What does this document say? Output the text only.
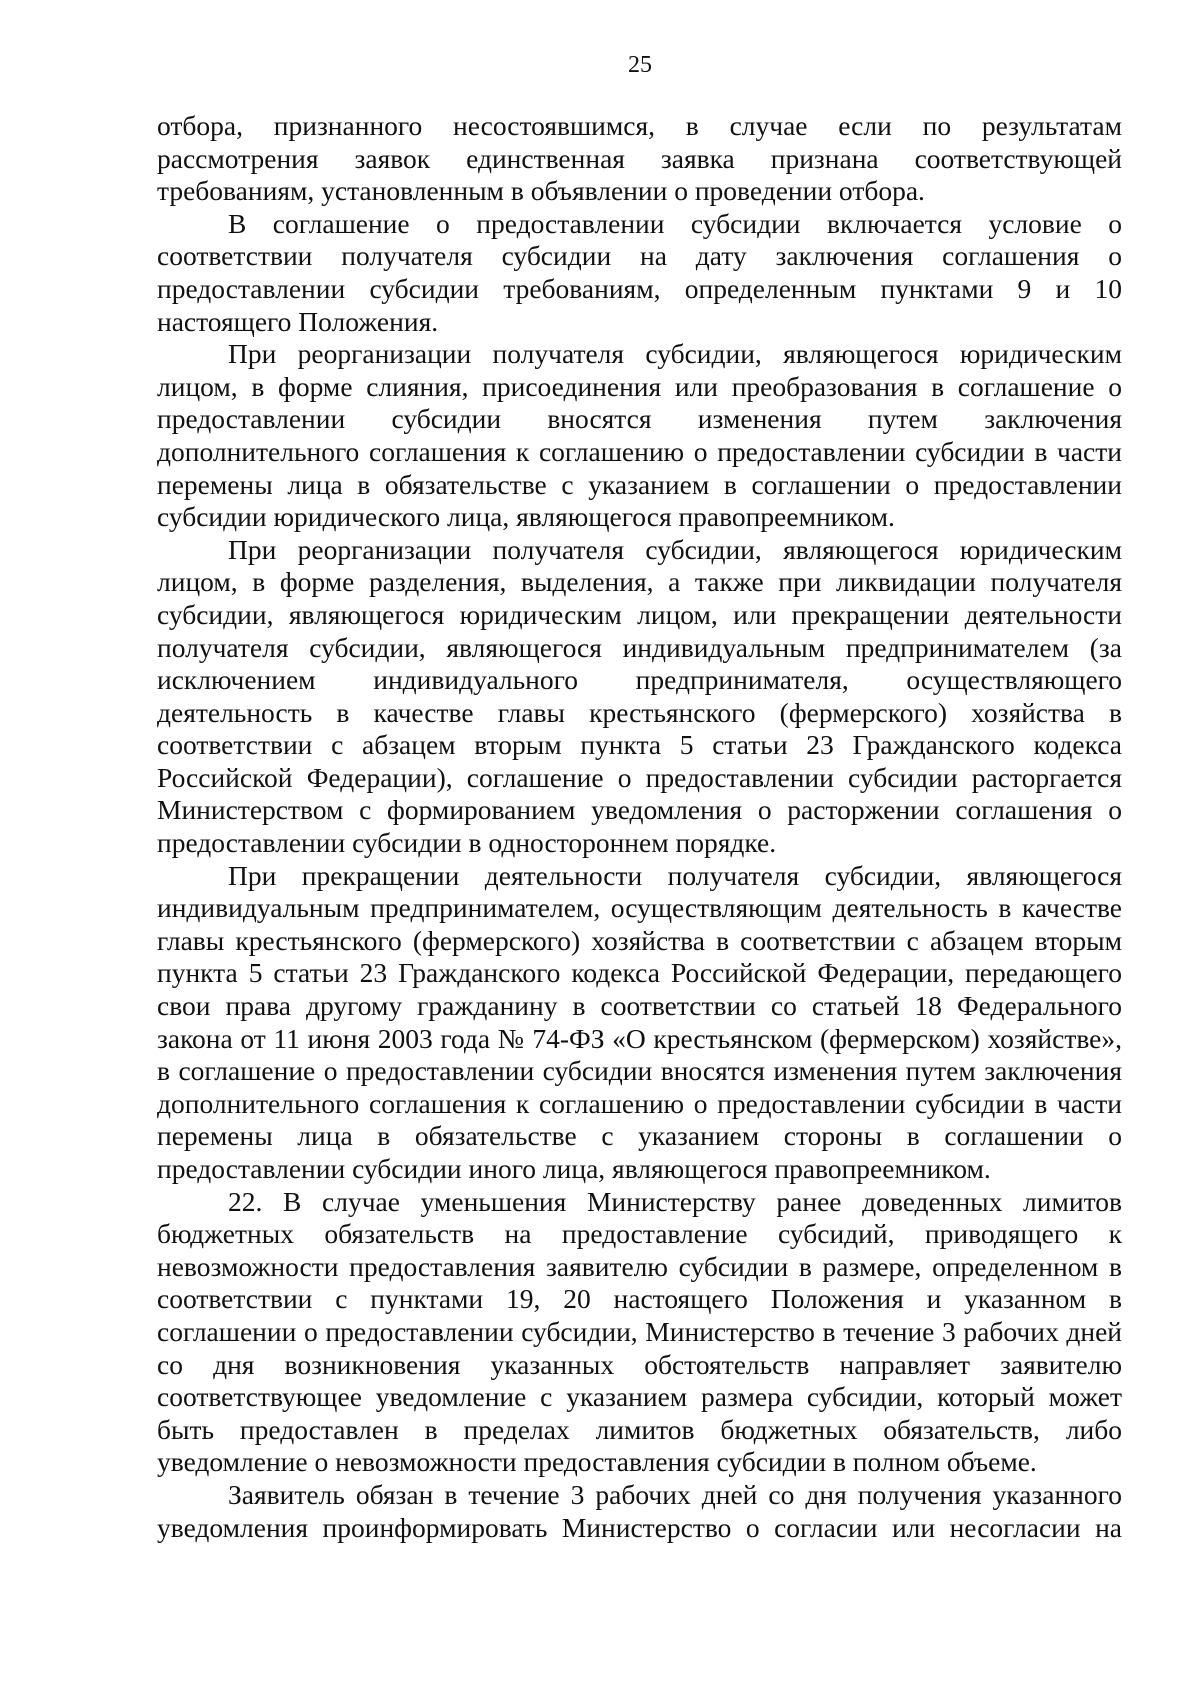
25

отбора, признанного несостоявшимся, в случае если по результатам рассмотрения заявок единственная заявка признана соответствующей требованиям, установленным в объявлении о проведении отбора.

В соглашение о предоставлении субсидии включается условие о соответствии получателя субсидии на дату заключения соглашения о предоставлении субсидии требованиям, определенным пунктами 9 и 10 настоящего Положения.

При реорганизации получателя субсидии, являющегося юридическим лицом, в форме слияния, присоединения или преобразования в соглашение о предоставлении субсидии вносятся изменения путем заключения дополнительного соглашения к соглашению о предоставлении субсидии в части перемены лица в обязательстве с указанием в соглашении о предоставлении субсидии юридического лица, являющегося правопреемником.

При реорганизации получателя субсидии, являющегося юридическим лицом, в форме разделения, выделения, а также при ликвидации получателя субсидии, являющегося юридическим лицом, или прекращении деятельности получателя субсидии, являющегося индивидуальным предпринимателем (за исключением индивидуального предпринимателя, осуществляющего деятельность в качестве главы крестьянского (фермерского) хозяйства в соответствии с абзацем вторым пункта 5 статьи 23 Гражданского кодекса Российской Федерации), соглашение о предоставлении субсидии расторгается Министерством с формированием уведомления о расторжении соглашения о предоставлении субсидии в одностороннем порядке.

При прекращении деятельности получателя субсидии, являющегося индивидуальным предпринимателем, осуществляющим деятельность в качестве главы крестьянского (фермерского) хозяйства в соответствии с абзацем вторым пункта 5 статьи 23 Гражданского кодекса Российской Федерации, передающего свои права другому гражданину в соответствии со статьей 18 Федерального закона от 11 июня 2003 года № 74-ФЗ «О крестьянском (фермерском) хозяйстве», в соглашение о предоставлении субсидии вносятся изменения путем заключения дополнительного соглашения к соглашению о предоставлении субсидии в части перемены лица в обязательстве с указанием стороны в соглашении о предоставлении субсидии иного лица, являющегося правопреемником.

22. В случае уменьшения Министерству ранее доведенных лимитов бюджетных обязательств на предоставление субсидий, приводящего к невозможности предоставления заявителю субсидии в размере, определенном в соответствии с пунктами 19, 20 настоящего Положения и указанном в соглашении о предоставлении субсидии, Министерство в течение 3 рабочих дней со дня возникновения указанных обстоятельств направляет заявителю соответствующее уведомление с указанием размера субсидии, который может быть предоставлен в пределах лимитов бюджетных обязательств, либо уведомление о невозможности предоставления субсидии в полном объеме.

Заявитель обязан в течение 3 рабочих дней со дня получения указанного уведомления проинформировать Министерство о согласии или несогласии на
